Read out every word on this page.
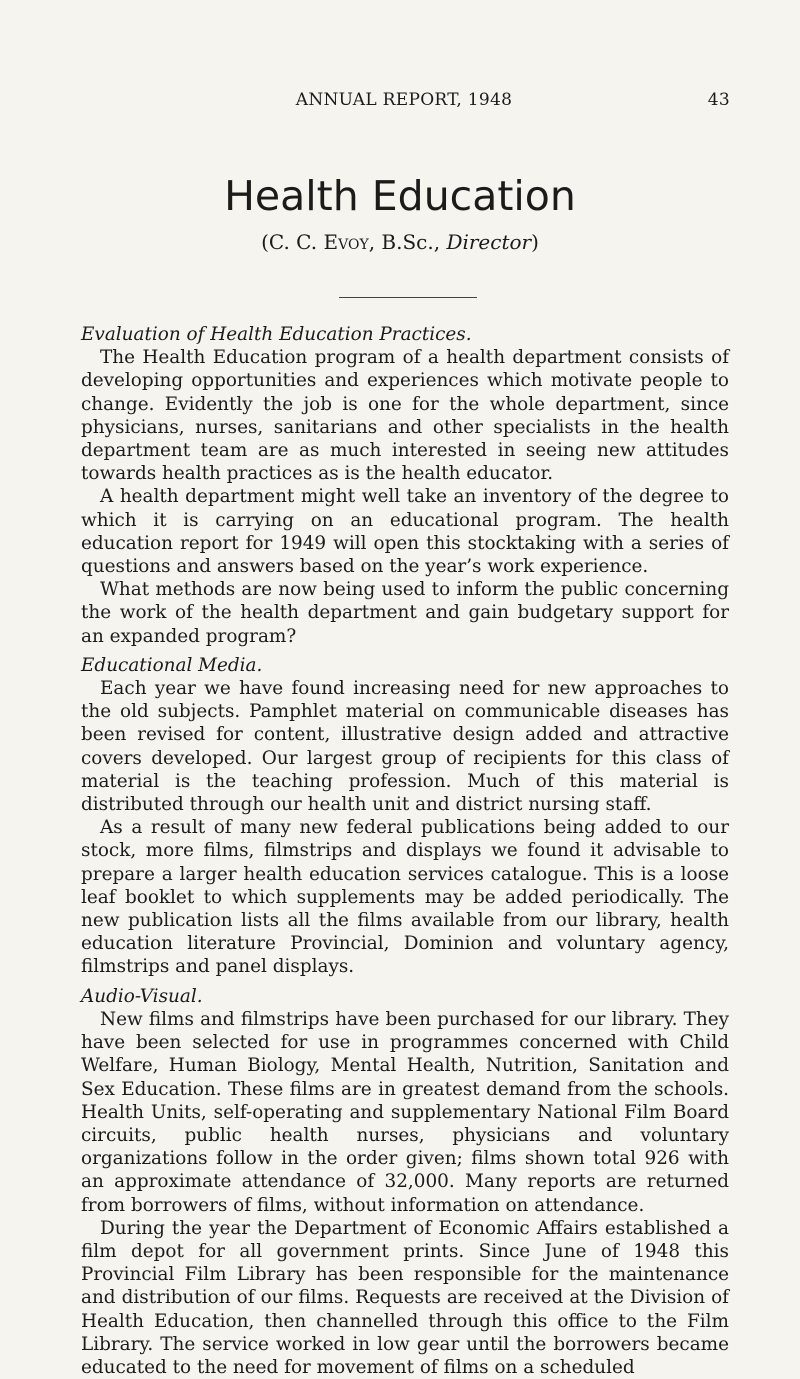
ANNUAL REPORT, 1948	43
Health Education
(C. C. Evoy, B.Sc., Director)
Evaluation of Health Education Practices.

The Health Education program of a health department consists of developing opportunities and experiences which motivate people to change. Evidently the job is one for the whole department, since physicians, nurses, sanitarians and other specialists in the health department team are as much interested in seeing new attitudes towards health practices as is the health educator.

A health department might well take an inventory of the degree to which it is carrying on an educational program. The health education report for 1949 will open this stocktaking with a series of questions and answers based on the year’s work experience.

What methods are now being used to inform the public concerning the work of the health department and gain budgetary support for an expanded program?

Educational Media.

Each year we have found increasing need for new approaches to the old subjects. Pamphlet material on communicable diseases has been revised for content, illustrative design added and attractive covers developed. Our largest group of recipients for this class of material is the teaching profession. Much of this material is distributed through our health unit and district nursing staff.

As a result of many new federal publications being added to our stock, more films, filmstrips and displays we found it advisable to prepare a larger health education services catalogue. This is a loose leaf booklet to which supplements may be added periodically. The new publication lists all the films available from our library, health education literature Provincial, Dominion and voluntary agency, filmstrips and panel displays.

Audio-Visual.

New films and filmstrips have been purchased for our library. They have been selected for use in programmes concerned with Child Welfare, Human Biology, Mental Health, Nutrition, Sanitation and Sex Education. These films are in greatest demand from the schools. Health Units, self-operating and supplementary National Film Board circuits, public health nurses, physicians and voluntary organizations follow in the order given; films shown total 926 with an approximate attendance of 32,000. Many reports are returned from borrowers of films, without information on attendance.

During the year the Department of Economic Affairs established a film depot for all government prints. Since June of 1948 this Provincial Film Library has been responsible for the maintenance and distribution of our films. Requests are received at the Division of Health Education, then channelled through this office to the Film Library. The service worked in low gear until the borrowers became educated to the need for movement of films on a scheduled
